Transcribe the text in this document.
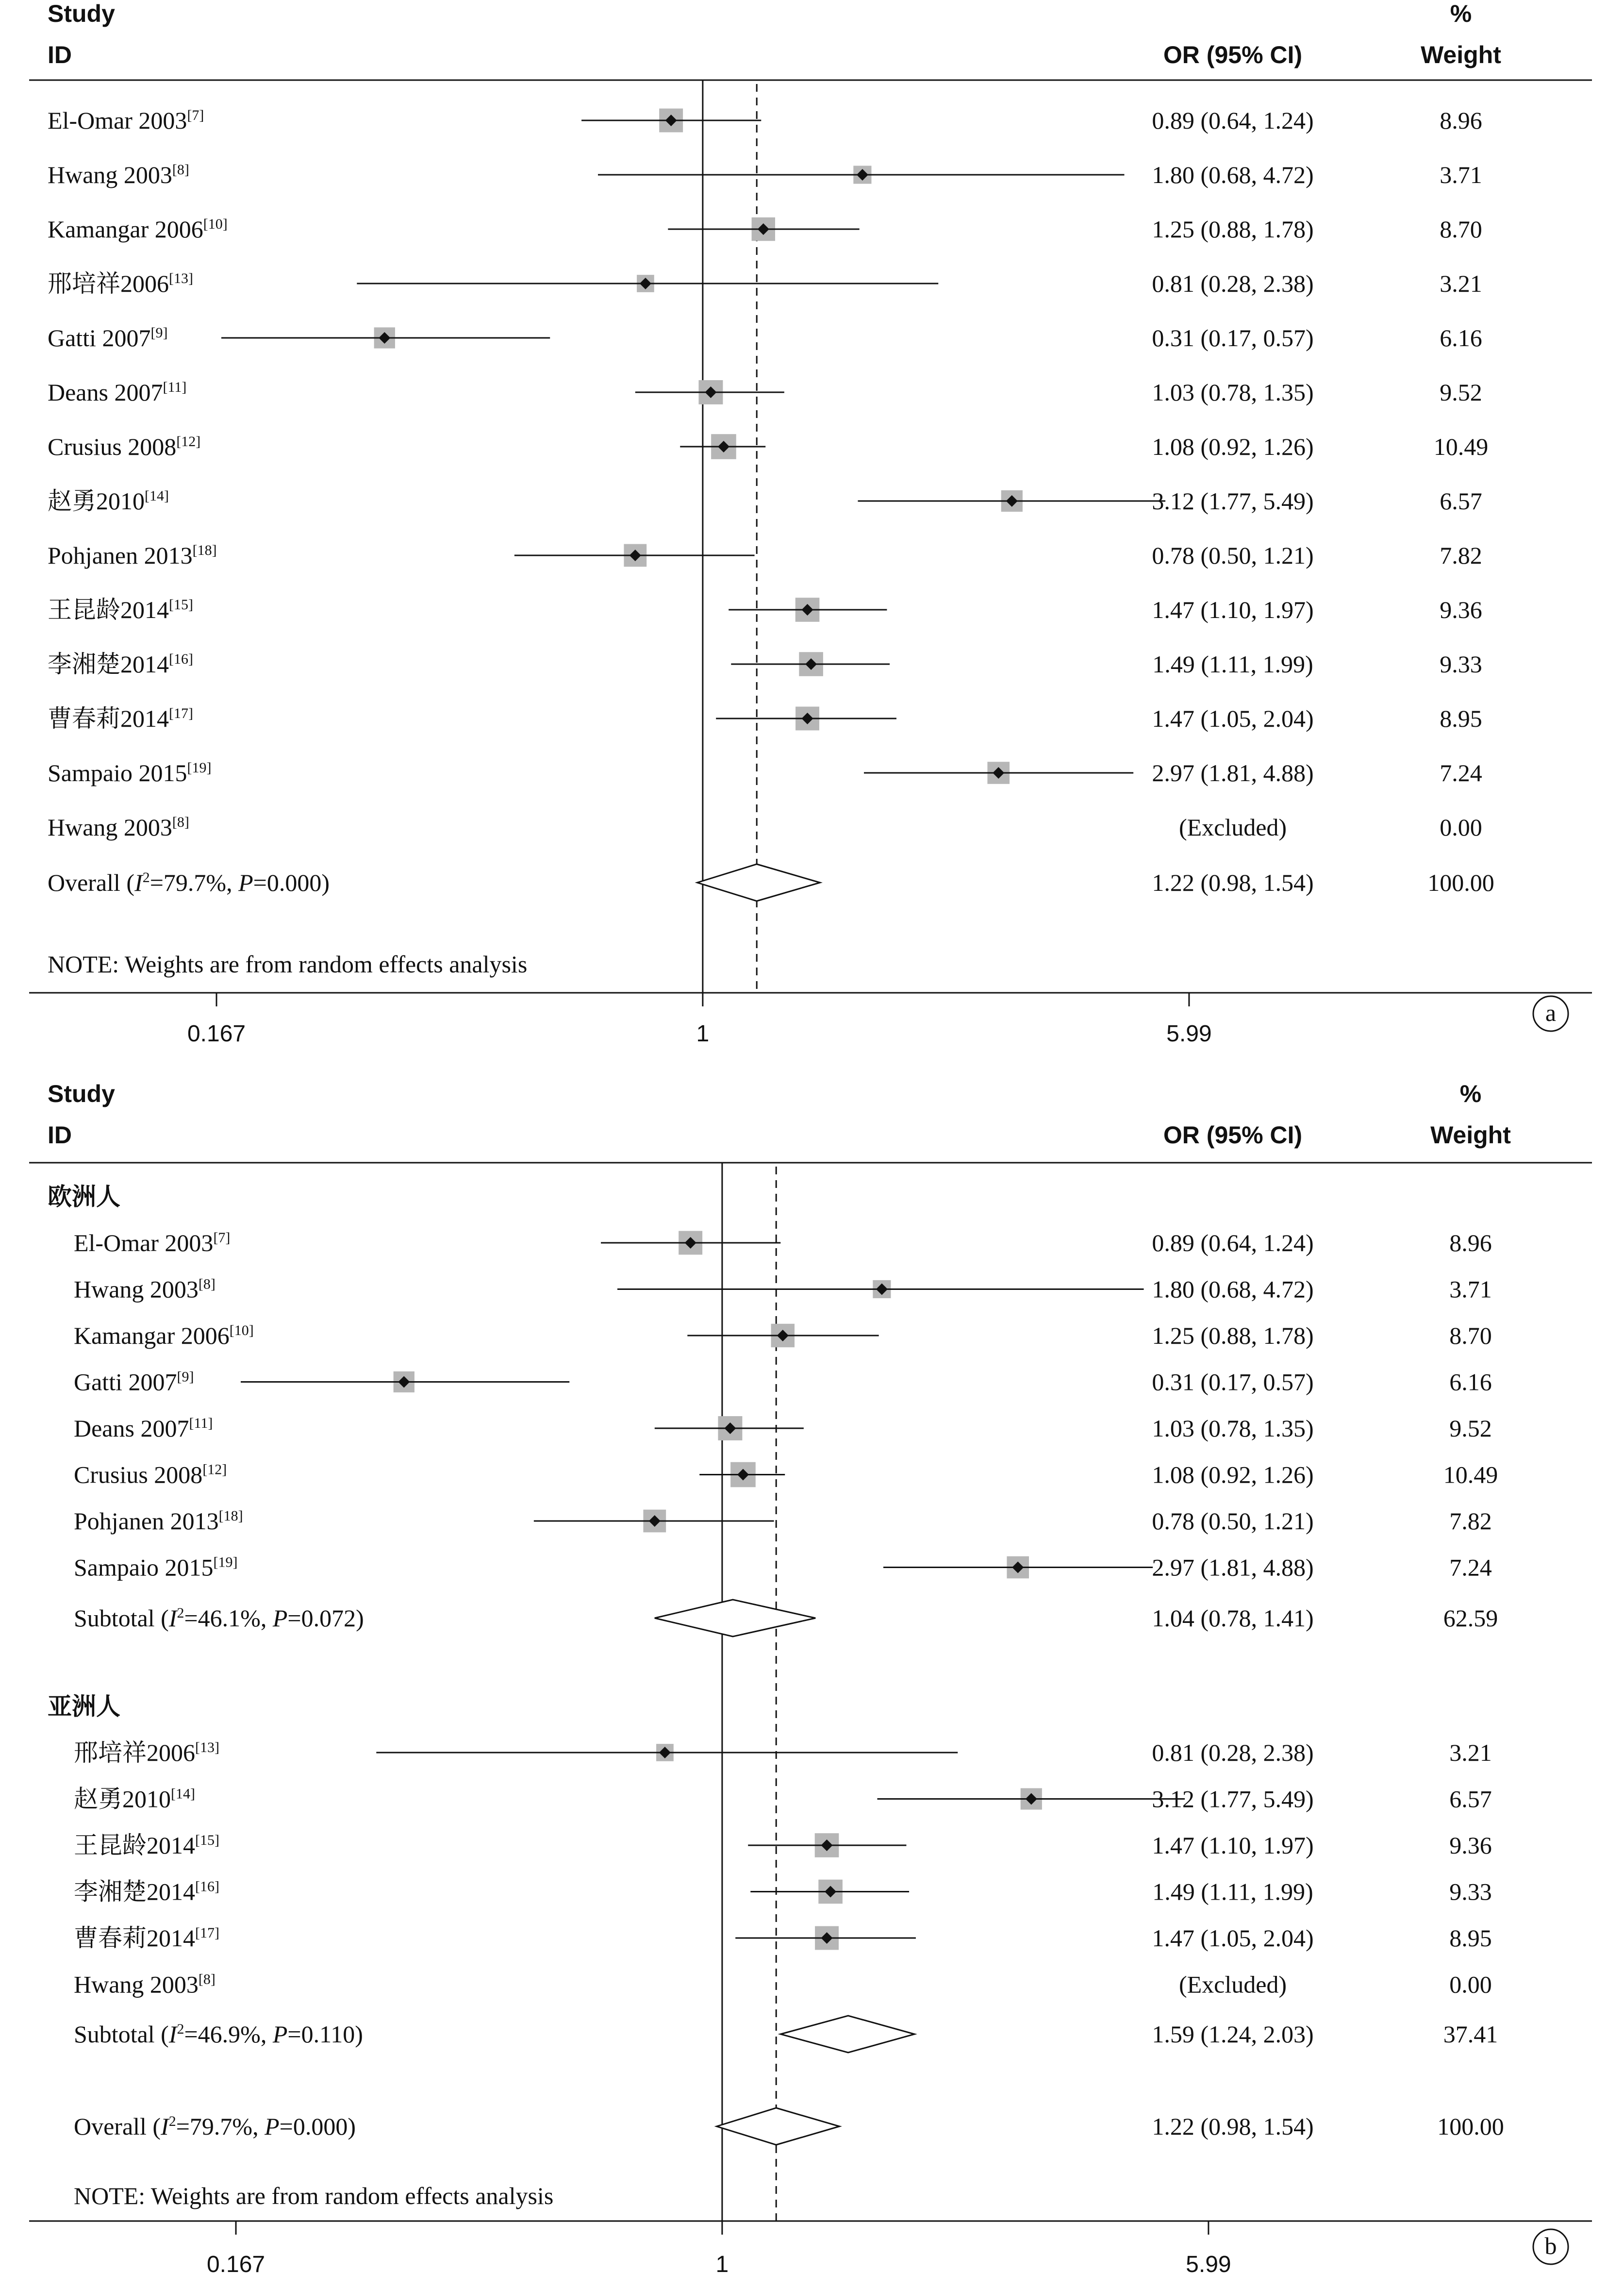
Study
ID	OR (95% CI)
%
Weight
0.167	1	5.99
El-Omar 2003[7]	0.89 (0.64, 1.24)	8.96
Hwang 2003[8]	1.80 (0.68, 4.72)	3.71
Kamangar 2006[10]	1.25 (0.88, 1.78)	8.70
邢培祥2006[13]	0.81 (0.28, 2.38)	3.21
Gatti 2007[9]	0.31 (0.17, 0.57)	6.16
Deans 2007[11]	1.03 (0.78, 1.35)	9.52
Crusius 2008[12]	1.08 (0.92, 1.26)	10.49
赵勇2010[14]	3.12 (1.77, 5.49)	6.57
Pohjanen 2013[18]	0.78 (0.50, 1.21)	7.82
王昆龄2014[15]	1.47 (1.10, 1.97)	9.36
李湘楚2014[16]	1.49 (1.11, 1.99)	9.33
曹春莉2014[17]	1.47 (1.05, 2.04)	8.95
Sampaio 2015[19]	2.97 (1.81, 4.88)	7.24
Hwang 2003[8]	(Excluded)	0.00
Overall ($I^2=79.7\%$, P=0.000)	1.22 (0.98, 1.54)	100.00
NOTE: Weights are from random effects analysis
a
Study
ID	OR (95% CI)
%
Weight
0.167	1	5.99
欧洲人
El-Omar 2003[7]	0.89 (0.64, 1.24)	8.96
Hwang 2003[8]	1.80 (0.68, 4.72)	3.71
Kamangar 2006[10]	1.25 (0.88, 1.78)	8.70
Gatti 2007[9]	0.31 (0.17, 0.57)	6.16
Deans 2007[11]	1.03 (0.78, 1.35)	9.52
Crusius 2008[12]	1.08 (0.92, 1.26)	10.49
Pohjanen 2013[18]	0.78 (0.50, 1.21)	7.82
Sampaio 2015[19]	2.97 (1.81, 4.88)	7.24
Subtotal ($I^2=46.1\%$, P=0.072)	1.04 (0.78, 1.41)	62.59
亚洲人
邢培祥2006[13]	0.81 (0.28, 2.38)	3.21
赵勇2010[14]	3.12 (1.77, 5.49)	6.57
王昆龄2014[15]	1.47 (1.10, 1.97)	9.36
李湘楚2014[16]	1.49 (1.11, 1.99)	9.33
曹春莉2014[17]	1.47 (1.05, 2.04)	8.95
Hwang 2003[8]	(Excluded)	0.00
Subtotal ($I^2=46.9\%$, P=0.110)	1.59 (1.24, 2.03)	37.41
Overall ($I^2=79.7\%$, P=0.000)	1.22 (0.98, 1.54)	100.00
NOTE: Weights are from random effects analysis
b
